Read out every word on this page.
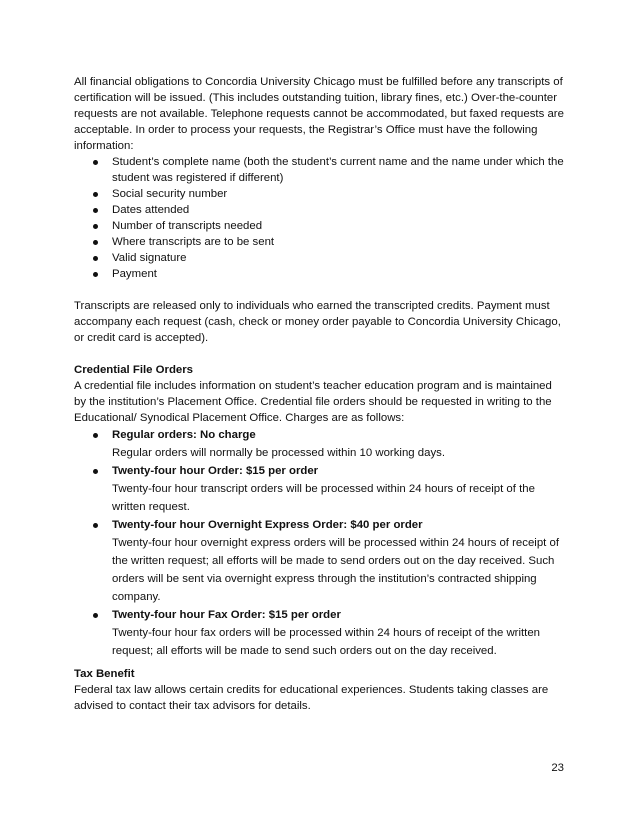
All financial obligations to Concordia University Chicago must be fulfilled before any transcripts of certification will be issued. (This includes outstanding tuition, library fines, etc.) Over-the-counter requests are not available. Telephone requests cannot be accommodated, but faxed requests are acceptable. In order to process your requests, the Registrar’s Office must have the following information:

Student’s complete name (both the student’s current name and the name under which the student was registered if different)
Social security number
Dates attended
Number of transcripts needed
Where transcripts are to be sent
Valid signature
Payment

Transcripts are released only to individuals who earned the transcripted credits. Payment must accompany each request (cash, check or money order payable to Concordia University Chicago, or credit card is accepted).

Credential File Orders

A credential file includes information on student’s teacher education program and is maintained by the institution’s Placement Office. Credential file orders should be requested in writing to the Educational/ Synodical Placement Office. Charges are as follows:

Regular orders: No charge
Regular orders will normally be processed within 10 working days.
Twenty-four hour Order: $15 per order
Twenty-four hour transcript orders will be processed within 24 hours of receipt of the written request.
Twenty-four hour Overnight Express Order: $40 per order
Twenty-four hour overnight express orders will be processed within 24 hours of receipt of the written request; all efforts will be made to send orders out on the day received. Such orders will be sent via overnight express through the institution’s contracted shipping company.
Twenty-four hour Fax Order: $15 per order
Twenty-four hour fax orders will be processed within 24 hours of receipt of the written request; all efforts will be made to send such orders out on the day received.
Tax Benefit

Federal tax law allows certain credits for educational experiences. Students taking classes are advised to contact their tax advisors for details.

23
